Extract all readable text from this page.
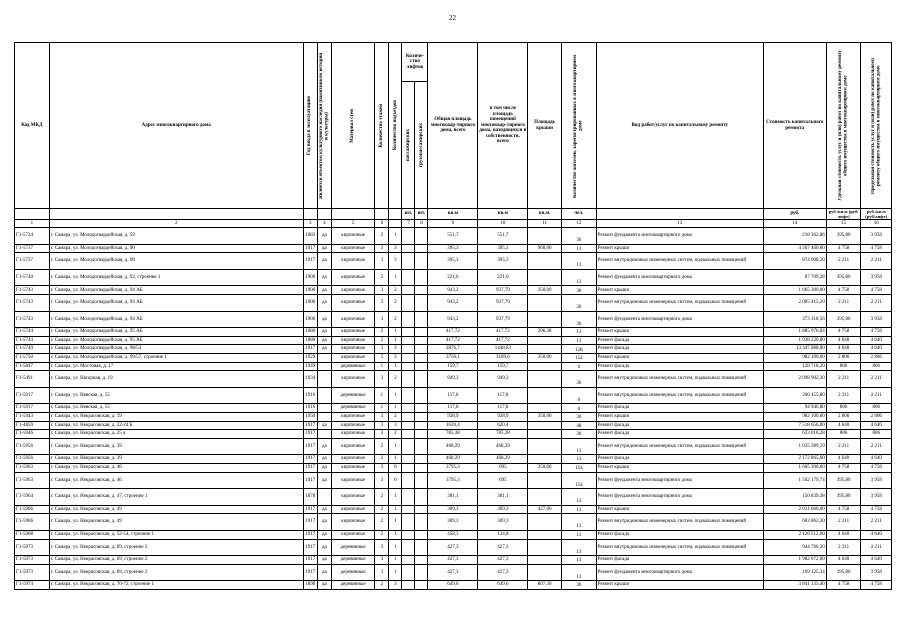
22
Код МКД	Адрес многоквартирного дома	Год ввода в эксплуатацию	Является объектом культурного наследия (памятником истории и культуры)	Материал стен	Количество этажей	Количество подъездов	Количе-ство лифтов		Общая площадь многоквар-тирного дома, всего	в том числе площадь помещений многоквар-тирного дома, находящихся в собственности, всего	Площадь крыши	Количество жителей, зарегистрированных в многоквартирном доме	Вид работ/услуг по капитальному ремонту	Стоимость капитального ремонта	Удельная стоимость услуг и (или) работ по капитальному ремонту общего имущества в многоквартирном доме	Предельная стоимость услуг и (или) работ по капитальному ремонту общего имущества в многоквартирном доме

							пассажирских	грузопассажирских								

							шт.	шт.	кв.м	кв.м	кв.м.	чел.		руб.	руб./кв.м (руб/лифт)	руб./кв.м (руб/лифт)
1	2	3	4	5	6		7	8	9	10	11	12	13	14	15	16
Г1-5734	г. Самара, ул. Молодогвардейская, д. 59	1883	да	кирпичные	2	1			551,7	551,7		36	Ремонт фундамента многоквартирного дома	218 362,86	395,80	3 958
Г1-5737	г. Самара, ул. Молодогвардейская, д. 90	1917	да	кирпичные	3	3			395,3	395,3	960,00	13	Ремонт крыши	4 567 460,00	4 758	4 758
Г1-5737	г. Самара, ул. Молодогвардейская, д. 90	1917	да	кирпичные	3	3			395,3	395,3		13	Ремонт внутридомовых инженерных систем, подвальных помещений	874 008,30	2 211	2 211
Г1-5740	г. Самара, ул. Молодогвардейская, д. 92, строение 1	1900	да	кирпичные	2	1			221,6	221,6		13	Ремонт фундамента многоквартирного дома	87 709,28	395,80	3 958
Г1-5743	г. Самара, ул. Молодогвардейская, д. 94 АБ	1906	да	кирпичные	3	2			943,2	937,79	350,00	36	Ремонт крыши	1 665 300,00	4 758	4 758
Г1-5743	г. Самара, ул. Молодогвардейская, д. 94 АБ	1906	да	кирпичные	3	2			943,2	937,79		36	Ремонт внутридомовых инженерных систем, подвальных помещений	2 085 415,20	2 211	2 211
Г1-5743	г. Самара, ул. Молодогвардейская, д. 94 АБ	1906	да	кирпичные	3	2			943,2	937,79		36	Ремонт фундамента многоквартирного дома	373 318,56	395,80	3 958
Г1-5744	г. Самара, ул. Молодогвардейская, д. 95 АБ	1880	да	кирпичные	2	1			417,72	417,72	396,38	13	Ремонт крыши	1 885 976,04	4 758	4 758
Г1-5744	г. Самара, ул. Молодогвардейская, д. 95 АБ	1880	да	кирпичные	2	1			417,72	417,72		13	Ремонт фасада	1 938 220,80	4 640	4 640
Г1-5749	г. Самара, ул. Молодогвардейская, д. 98/53	1917	да	кирпичные	3	3			2876,7	1448,83		128	Ремонт фасада	13 347 888,00	4 640	4 640
Г1-5750	г. Самара, ул. Молодогвардейская, д. 99/57, строение 1	1929		кирпичные	5	3			3756,1	3189,6	350,00	154	Ремонт крыши	982 100,00	2 806	2 806
Г1-5847	г. Самара, ул. Мостовая, д. 17	1949		деревянные	1	1			159,7	159,7		6	Ремонт фасада	128 718,20	806	806
Г1-5491	г. Самара, ул. Нагорная, д. 19	1934		кирпичные	3	2			949,3	949,3		36	Ремонт внутридомовых инженерных систем, подвальных помещений	2 098 902,30	2 211	2 211
Г1-5917	г. Самара, ул. Невская, д. 55	1916		деревянные	1	1			117,8	117,8		6	Ремонт внутридомовых инженерных систем, подвальных помещений	260 455,80	2 211	2 211
Г1-5917	г. Самара, ул. Невская, д. 55	1916		деревянные	1	1			117,8	117,8		6	Ремонт фасада	94 946,80	806	806
Г1-5943	г. Самара, ул. Некрасовская, д. 19	1950		кирпичные	3	2			928,9	928,9	350,00	36	Ремонт крыши	982 100,00	2 806	2 806
Г1-4859	г. Самара, ул. Некрасовская, д. 22-24 Б	1917	да	кирпичные	3	3			1620,4	620,4		48	Ремонт фасада	7 518 656,00	4 640	4 640
Г1-5946	г. Самара, ул. Некрасовская, д. 25 а	1917		кирпичные	3	2			785,38	785,38		36	Ремонт фасада	633 016,28	806	806
Г1-5956	г. Самара, ул. Некрасовская, д. 39	1917	да	кирпичные	2	1			468,29	468,29		13	Ремонт внутридомовых инженерных систем, подвальных помещений	1 035 389,19	2 211	2 211
Г1-5956	г. Самара, ул. Некрасовская, д. 39	1917	да	кирпичные	2	1			468,29	468,29		13	Ремонт фасада	2 172 865,60	4 640	4 640
Г1-5963	г. Самара, ул. Некрасовская, д. 46	1917	да	кирпичные	3	6			3795,3	695	350,00	154	Ремонт крыши	1 665 300,00	4 758	4 758
Г1-5963	г. Самара, ул. Некрасовская, д. 46	1917	да	кирпичные	3	6			3795,3	695		154	Ремонт фундамента многоквартирного дома	1 502 179,74	395,80	3 958
Г1-5964	г. Самара, ул. Некрасовская, д. 47, строение 1	1878		кирпичные	2	1			381,1	381,1		13	Ремонт фундамента многоквартирного дома	150 839,38	395,80	3 958
Г1-5966	г. Самара, ул. Некрасовская, д. 49	1917	да	кирпичные	2	1			309,3	309,3	427,00	13	Ремонт крыши	2 031 666,00	4 758	4 758
Г1-5966	г. Самара, ул. Некрасовская, д. 49	1917	да	кирпичные	2	1			309,3	309,3		13	Ремонт внутридомовых инженерных систем, подвальных помещений	683 862,30	2 211	2 211
Г1-5968	г. Самара, ул. Некрасовская, д. 52-54, строение 1	1917	да	кирпичные	2	1			458,3	134,8		13	Ремонт фасада	2 126 512,00	4 640	4 640
Г1-5973	г. Самара, ул. Некрасовская, д. 69, строение 2	1917	да	деревянные	3	1			427,3	427,3		13	Ремонт внутридомовых инженерных систем, подвальных помещений	944 760,30	2 211	2 211
Г1-5973	г. Самара, ул. Некрасовская, д. 69, строение 2	1917	да	деревянные	3	1			427,3	427,3		13	Ремонт фасада	1 982 672,00	4 640	4 640
Г1-5973	г. Самара, ул. Некрасовская, д. 69, строение 2	1917	да	деревянные	3	1			427,3	427,3		13	Ремонт фундамента многоквартирного дома	169 125,34	395,80	3 958
Г1-5974	г. Самара, ул. Некрасовская, д. 70-72, строение 1	1898	да	деревянные	2	3			649,6	649,6	807,30	36	Ремонт крыши	3 841 133,40	4 758	4 758
